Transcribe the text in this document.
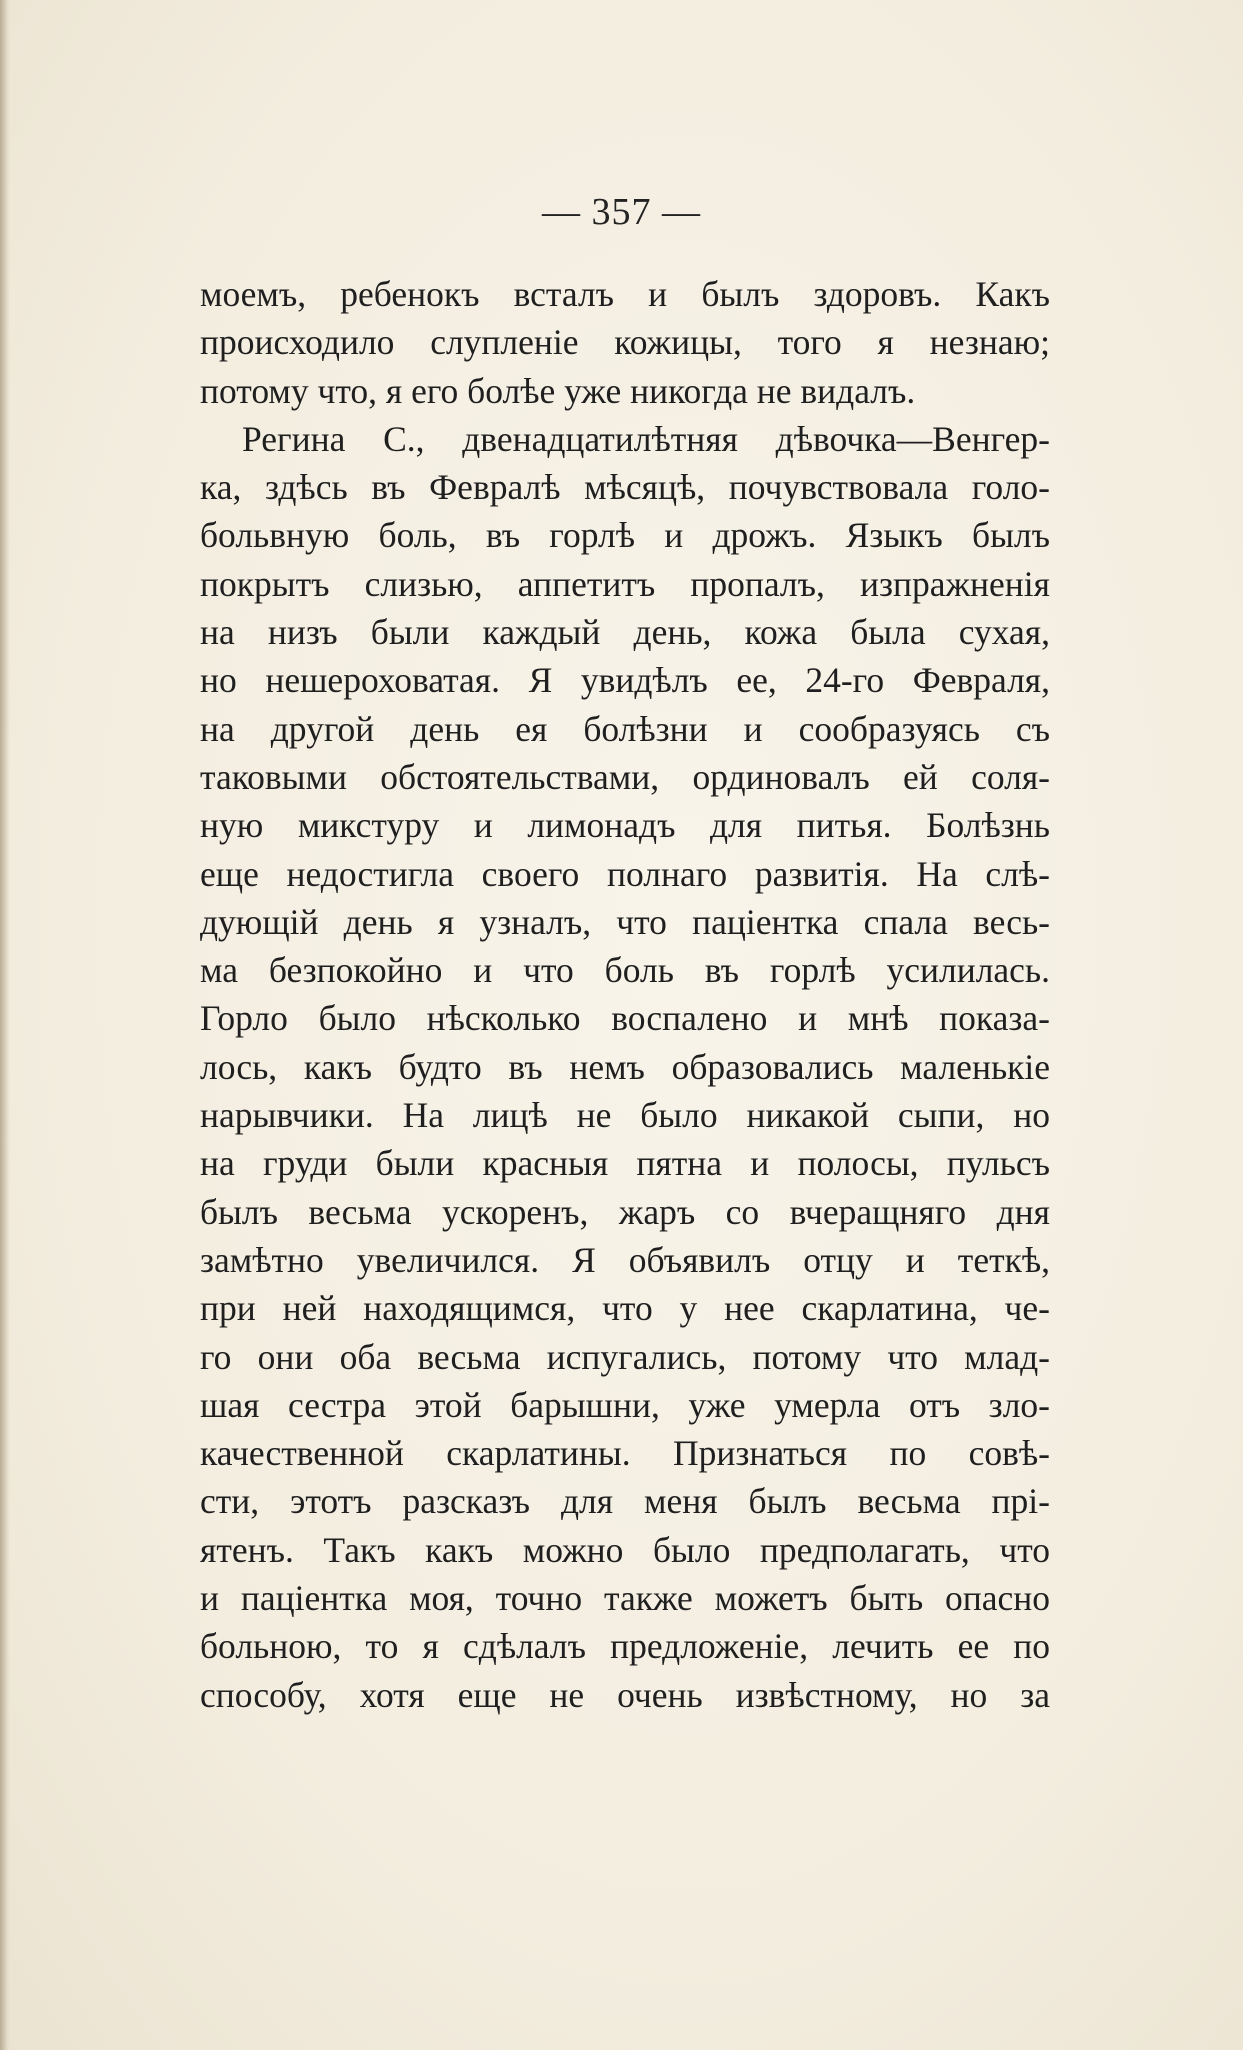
— 357 —
моемъ, ребенокъ всталъ и былъ здоровъ. Какъ
происходило слупленіе кожицы, того я незнаю;
потому что, я его болѣе уже никогда не видалъ.
Регина С., двенадцатилѣтняя дѣвочка—Венгер-
ка, здѣсь въ Февралѣ мѣсяцѣ, почувствовала голо-
больвную боль, въ горлѣ и дрожъ. Языкъ былъ
покрытъ слизью, аппетитъ пропалъ, изпражненія
на низъ были каждый день, кожа была сухая,
но нешероховатая. Я увидѣлъ ее, 24-го Февраля,
на другой день ея болѣзни и сообразуясь съ
таковыми обстоятельствами, ординовалъ ей соля-
ную микстуру и лимонадъ для питья. Болѣзнь
еще недостигла своего полнаго развитія. На слѣ-
дующій день я узналъ, что паціентка спала весь-
ма безпокойно и что боль въ горлѣ усилилась.
Горло было нѣсколько воспалено и мнѣ показа-
лось, какъ будто въ немъ образовались маленькіе
нарывчики. На лицѣ не было никакой сыпи, но
на груди были красныя пятна и полосы, пульсъ
былъ весьма ускоренъ, жаръ со вчеращняго дня
замѣтно увеличился. Я объявилъ отцу и теткѣ,
при ней находящимся, что у нее скарлатина, че-
го они оба весьма испугались, потому что млад-
шая сестра этой барышни, уже умерла отъ зло-
качественной скарлатины. Признаться по совѣ-
сти, этотъ разсказъ для меня былъ весьма прі-
ятенъ. Такъ какъ можно было предполагать, что
и паціентка моя, точно также можетъ быть опасно
больною, то я сдѣлалъ предложеніе, лечить ее по
способу, хотя еще не очень извѣстному, но за
